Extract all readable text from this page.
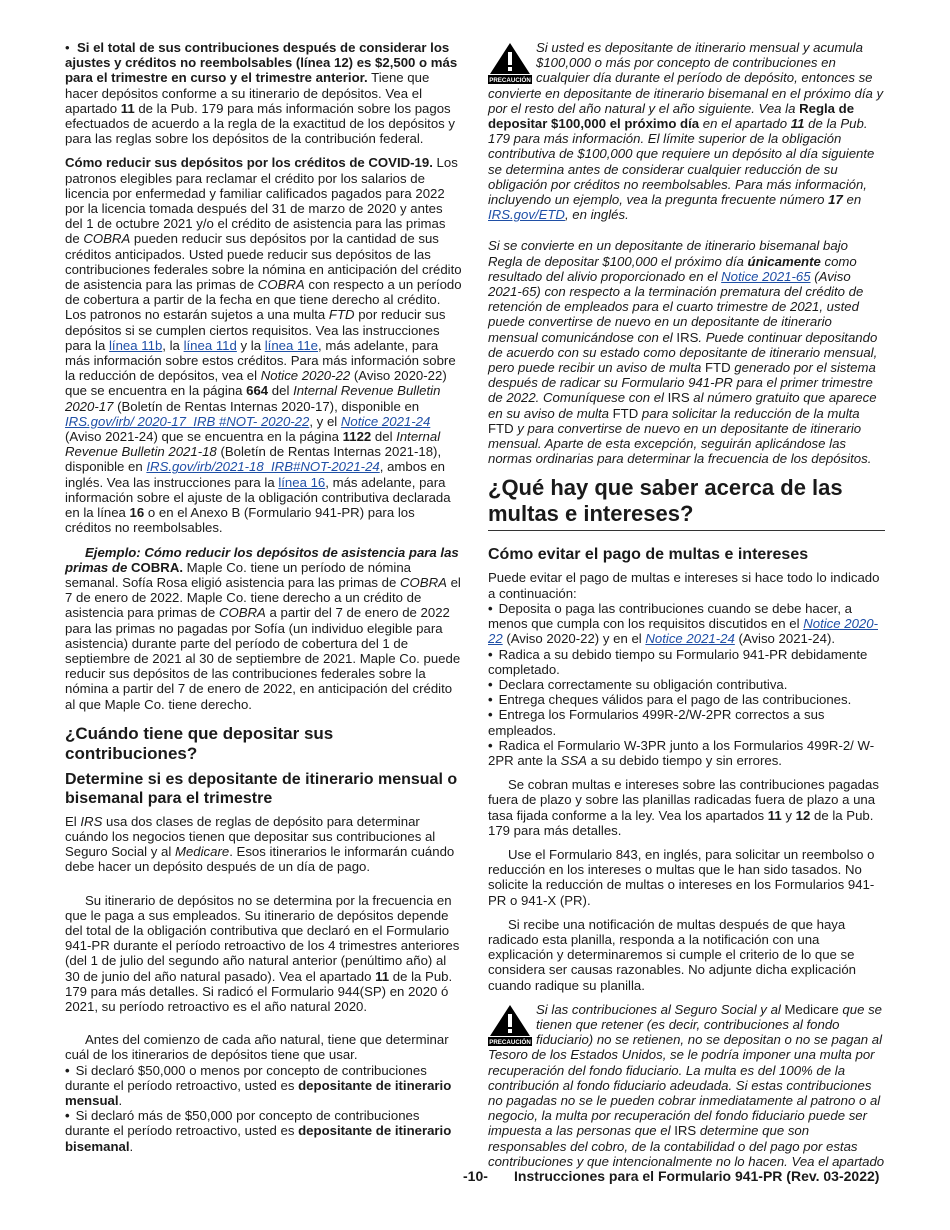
•  Si el total de sus contribuciones después de considerar los ajustes y créditos no reembolsables (línea 12) es $2,500 o más para el trimestre en curso y el trimestre anterior. Tiene que hacer depósitos conforme a su itinerario de depósitos. Vea el apartado 11 de la Pub. 179 para más información sobre los pagos efectuados de acuerdo a la regla de la exactitud de los depósitos y para las reglas sobre los depósitos de la contribución federal.

Cómo reducir sus depósitos por los créditos de COVID-19. Los patronos elegibles para reclamar el crédito por los salarios de licencia por enfermedad y familiar calificados pagados para 2022 por la licencia tomada después del 31 de marzo de 2020 y antes del 1 de octubre 2021 y/o el crédito de asistencia para las primas de COBRA pueden reducir sus depósitos por la cantidad de sus créditos anticipados. Usted puede reducir sus depósitos de las contribuciones federales sobre la nómina en anticipación del crédito de asistencia para las primas de COBRA con respecto a un período de cobertura a partir de la fecha en que tiene derecho al crédito. Los patronos no estarán sujetos a una multa FTD por reducir sus depósitos si se cumplen ciertos requisitos. Vea las instrucciones para la línea 11b, la línea 11d y la línea 11e, más adelante, para más información sobre estos créditos. Para más información sobre la reducción de depósitos, vea el Notice 2020-22 (Aviso 2020-22) que se encuentra en la página 664 del Internal Revenue Bulletin 2020-17 (Boletín de Rentas Internas 2020-17), disponible en IRS.gov/irb/ 2020-17_IRB #NOT- 2020-22, y el Notice 2021-24 (Aviso 2021-24) que se encuentra en la página 1122 del Internal Revenue Bulletin 2021-18 (Boletín de Rentas Internas 2021-18), disponible en IRS.gov/irb/2021-18_IRB#NOT-2021-24, ambos en inglés. Vea las instrucciones para la línea 16, más adelante, para información sobre el ajuste de la obligación contributiva declarada en la línea 16 o en el Anexo B (Formulario 941-PR) para los créditos no reembolsables.

Ejemplo: Cómo reducir los depósitos de asistencia para las primas de COBRA. Maple Co. tiene un período de nómina semanal. Sofía Rosa eligió asistencia para las primas de COBRA el 7 de enero de 2022. Maple Co. tiene derecho a un crédito de asistencia para primas de COBRA a partir del 7 de enero de 2022 para las primas no pagadas por Sofía (un individuo elegible para asistencia) durante parte del período de cobertura del 1 de septiembre de 2021 al 30 de septiembre de 2021. Maple Co. puede reducir sus depósitos de las contribuciones federales sobre la nómina a partir del 7 de enero de 2022, en anticipación del crédito al que Maple Co. tiene derecho.

¿Cuándo tiene que depositar sus contribuciones?
Determine si es depositante de itinerario mensual o bisemanal para el trimestre

El IRS usa dos clases de reglas de depósito para determinar cuándo los negocios tienen que depositar sus contribuciones al Seguro Social y al Medicare. Esos itinerarios le informarán cuándo debe hacer un depósito después de un día de pago.

Su itinerario de depósitos no se determina por la frecuencia en que le paga a sus empleados. Su itinerario de depósitos depende del total de la obligación contributiva que declaró en el Formulario 941-PR durante el período retroactivo de los 4 trimestres anteriores (del 1 de julio del segundo año natural anterior (penúltimo año) al 30 de junio del año natural pasado). Vea el apartado 11 de la Pub. 179 para más detalles. Si radicó el Formulario 944(SP) en 2020 ó 2021, su período retroactivo es el año natural 2020.

Antes del comienzo de cada año natural, tiene que determinar cuál de los itinerarios de depósitos tiene que usar.

• Si declaró $50,000 o menos por concepto de contribuciones durante el período retroactivo, usted es depositante de itinerario mensual.

• Si declaró más de $50,000 por concepto de contribuciones durante el período retroactivo, usted es depositante de itinerario bisemanal.

PRECAUCIÓN
Si usted es depositante de itinerario mensual y acumula $100,000 o más por concepto de contribuciones en cualquier día durante el período de depósito, entonces se convierte en depositante de itinerario bisemanal en el próximo día y por el resto del año natural y el año siguiente. Vea la Regla de depositar $100,000 el próximo día en el apartado 11 de la Pub. 179 para más información. El límite superior de la obligación contributiva de $100,000 que requiere un depósito al día siguiente se determina antes de considerar cualquier reducción de su obligación por créditos no reembolsables. Para más información, incluyendo un ejemplo, vea la pregunta frecuente número 17 en IRS.gov/ETD, en inglés.

Si se convierte en un depositante de itinerario bisemanal bajo Regla de depositar $100,000 el próximo día únicamente como resultado del alivio proporcionado en el Notice 2021-65 (Aviso 2021-65) con respecto a la terminación prematura del crédito de retención de empleados para el cuarto trimestre de 2021, usted puede convertirse de nuevo en un depositante de itinerario mensual comunicándose con el IRS. Puede continuar depositando de acuerdo con su estado como depositante de itinerario mensual, pero puede recibir un aviso de multa FTD generado por el sistema después de radicar su Formulario 941-PR para el primer trimestre de 2022. Comuníquese con el IRS al número gratuito que aparece en su aviso de multa FTD para solicitar la reducción de la multa FTD y para convertirse de nuevo en un depositante de itinerario mensual. Aparte de esta excepción, seguirán aplicándose las normas ordinarias para determinar la frecuencia de los depósitos.

¿Qué hay que saber acerca de las multas e intereses?
Cómo evitar el pago de multas e intereses

Puede evitar el pago de multas e intereses si hace todo lo indicado a continuación:

• Deposita o paga las contribuciones cuando se debe hacer, a menos que cumpla con los requisitos discutidos en el Notice 2020-22 (Aviso 2020-22) y en el Notice 2021-24 (Aviso 2021-24).

• Radica a su debido tiempo su Formulario 941-PR debidamente completado.

• Declara correctamente su obligación contributiva.

• Entrega cheques válidos para el pago de las contribuciones.

• Entrega los Formularios 499R-2/W-2PR correctos a sus empleados.

• Radica el Formulario W-3PR junto a los Formularios 499R-2/ W-2PR ante la SSA a su debido tiempo y sin errores.

Se cobran multas e intereses sobre las contribuciones pagadas fuera de plazo y sobre las planillas radicadas fuera de plazo a una tasa fijada conforme a la ley. Vea los apartados 11 y 12 de la Pub. 179 para más detalles.

Use el Formulario 843, en inglés, para solicitar un reembolso o reducción en los intereses o multas que le han sido tasados. No solicite la reducción de multas o intereses en los Formularios 941-PR o 941-X (PR).

Si recibe una notificación de multas después de que haya radicado esta planilla, responda a la notificación con una explicación y determinaremos si cumple el criterio de lo que se considera ser causas razonables. No adjunte dicha explicación cuando radique su planilla.

PRECAUCIÓN
Si las contribuciones al Seguro Social y al Medicare que se tienen que retener (es decir, contribuciones al fondo fiduciario) no se retienen, no se depositan o no se pagan al Tesoro de los Estados Unidos, se le podría imponer una multa por recuperación del fondo fiduciario. La multa es del 100% de la contribución al fondo fiduciario adeudada. Si estas contribuciones no pagadas no se le pueden cobrar inmediatamente al patrono o al negocio, la multa por recuperación del fondo fiduciario puede ser impuesta a las personas que el IRS determine que son responsables del cobro, de la contabilidad o del pago por estas contribuciones y que intencionalmente no lo hacen. Vea el apartado

-10- Instrucciones para el Formulario 941-PR (Rev. 03-2022)
